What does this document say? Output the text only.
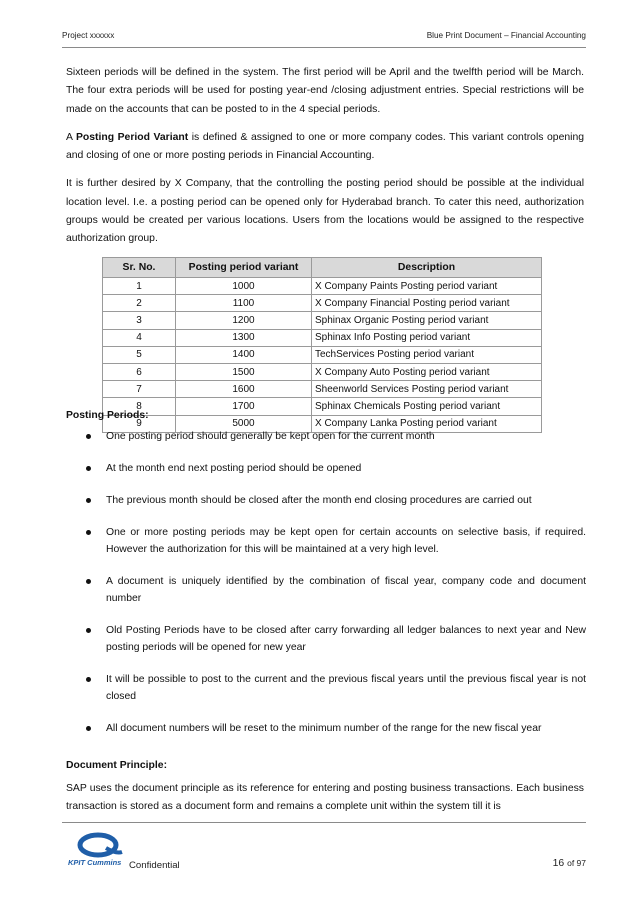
Project xxxxxx	Blue Print Document – Financial Accounting

Sixteen periods will be defined in the system. The first period will be April and the twelfth period will be March. The four extra periods will be used for posting year-end /closing adjustment entries. Special restrictions will be made on the accounts that can be posted to in the 4 special periods.

A Posting Period Variant is defined & assigned to one or more company codes. This variant controls opening and closing of one or more posting periods in Financial Accounting.

It is further desired by X Company, that the controlling the posting period should be possible at the individual location level. I.e. a posting period can be opened only for Hyderabad branch. To cater this need, authorization groups would be created per various locations. Users from the locations would be assigned to the respective authorization group.

Sr. No.	Posting period variant	Description
1	1000	X Company Paints Posting period variant
2	1100	X Company Financial Posting period variant
3	1200	Sphinax Organic Posting period variant
4	1300	Sphinax Info Posting period variant
5	1400	TechServices Posting period variant
6	1500	X Company Auto Posting period variant
7	1600	Sheenworld Services Posting period variant
8	1700	Sphinax Chemicals Posting period variant
9	5000	X Company Lanka Posting period variant
Posting Periods:
One posting period should generally be kept open for the current month
At the month end next posting period should be opened
The previous month should be closed after the month end closing procedures are carried out
One or more posting periods may be kept open for certain accounts on selective basis, if required. However the authorization for this will be maintained at a very high level.
A document is uniquely identified by the combination of fiscal year, company code and document number
Old Posting Periods have to be closed after carry forwarding all ledger balances to next year and New posting periods will be opened for new year
It will be possible to post to the current and the previous fiscal years until the previous fiscal year is not closed
All document numbers will be reset to the minimum number of the range for the new fiscal year
Document Principle:

SAP uses the document principle as its reference for entering and posting business transactions. Each business transaction is stored as a document form and remains a complete unit within the system till it is

KPIT Cummins Confidential	16 of 97
